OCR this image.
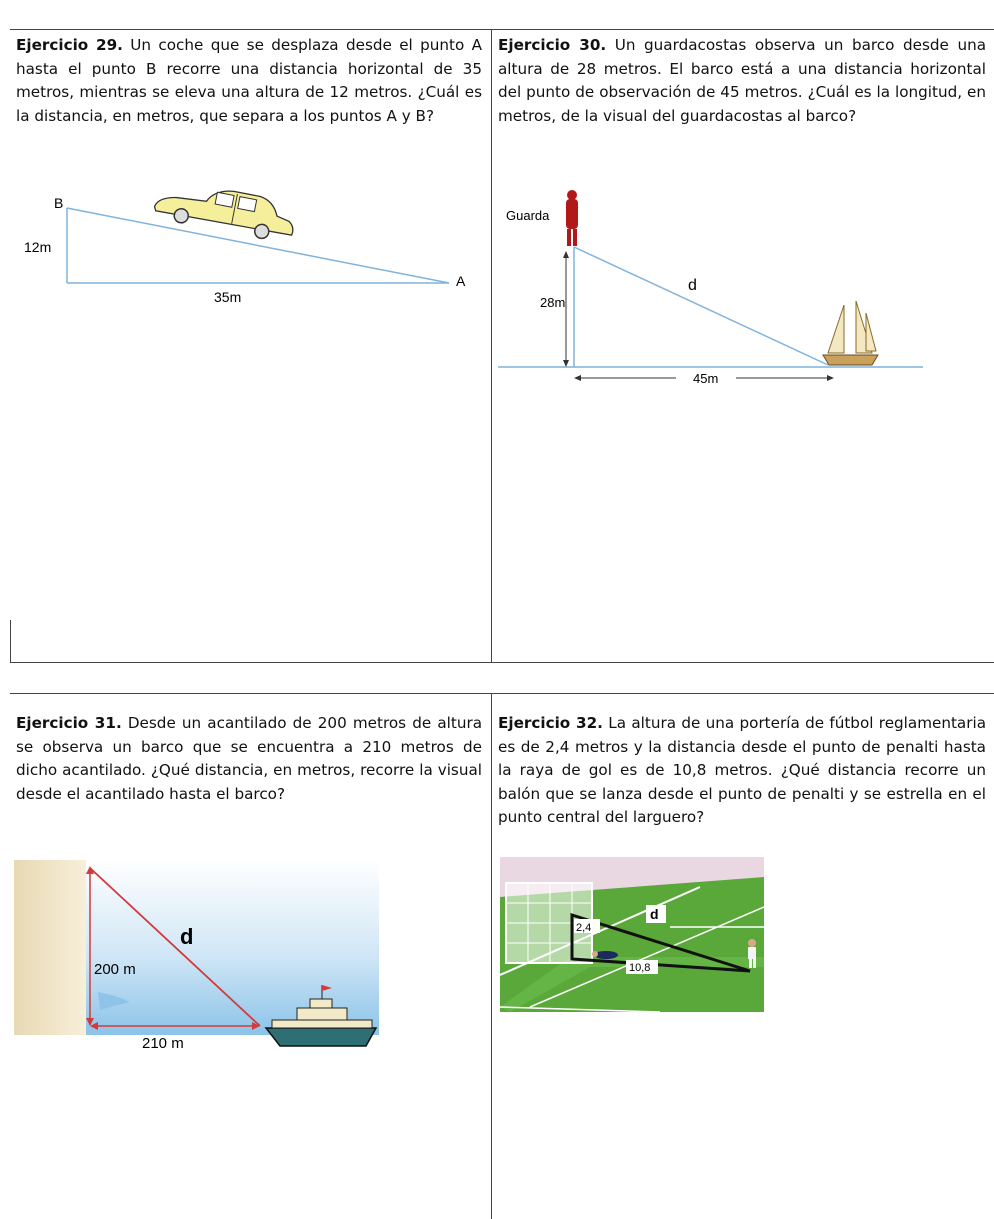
Ejercicio 29. Un coche que se desplaza desde el punto A hasta el punto B recorre una distancia horizontal de 35 metros, mientras se eleva una altura de 12 metros. ¿Cuál es la distancia, en metros, que separa a los puntos A y B?
B
A
12m
35m
Ejercicio 30. Un guardacostas observa un barco desde una altura de 28 metros. El barco está a una distancia horizontal del punto de observación de 45 metros. ¿Cuál es la longitud, en metros, de la visual del guardacostas al barco?
Guarda
28m
d
45m
Ejercicio 31. Desde un acantilado de 200 metros de altura se observa un barco que se encuentra a 210 metros de dicho acantilado. ¿Qué distancia, en metros, recorre la visual desde el acantilado hasta el barco?
d
200 m
210 m
Ejercicio 32. La altura de una portería de fútbol reglamentaria es de 2,4 metros y la distancia desde el punto de penalti hasta la raya de gol es de 10,8 metros. ¿Qué distancia recorre un balón que se lanza desde el punto de penalti y se estrella en el punto central del larguero?
2,4
d
10,8
